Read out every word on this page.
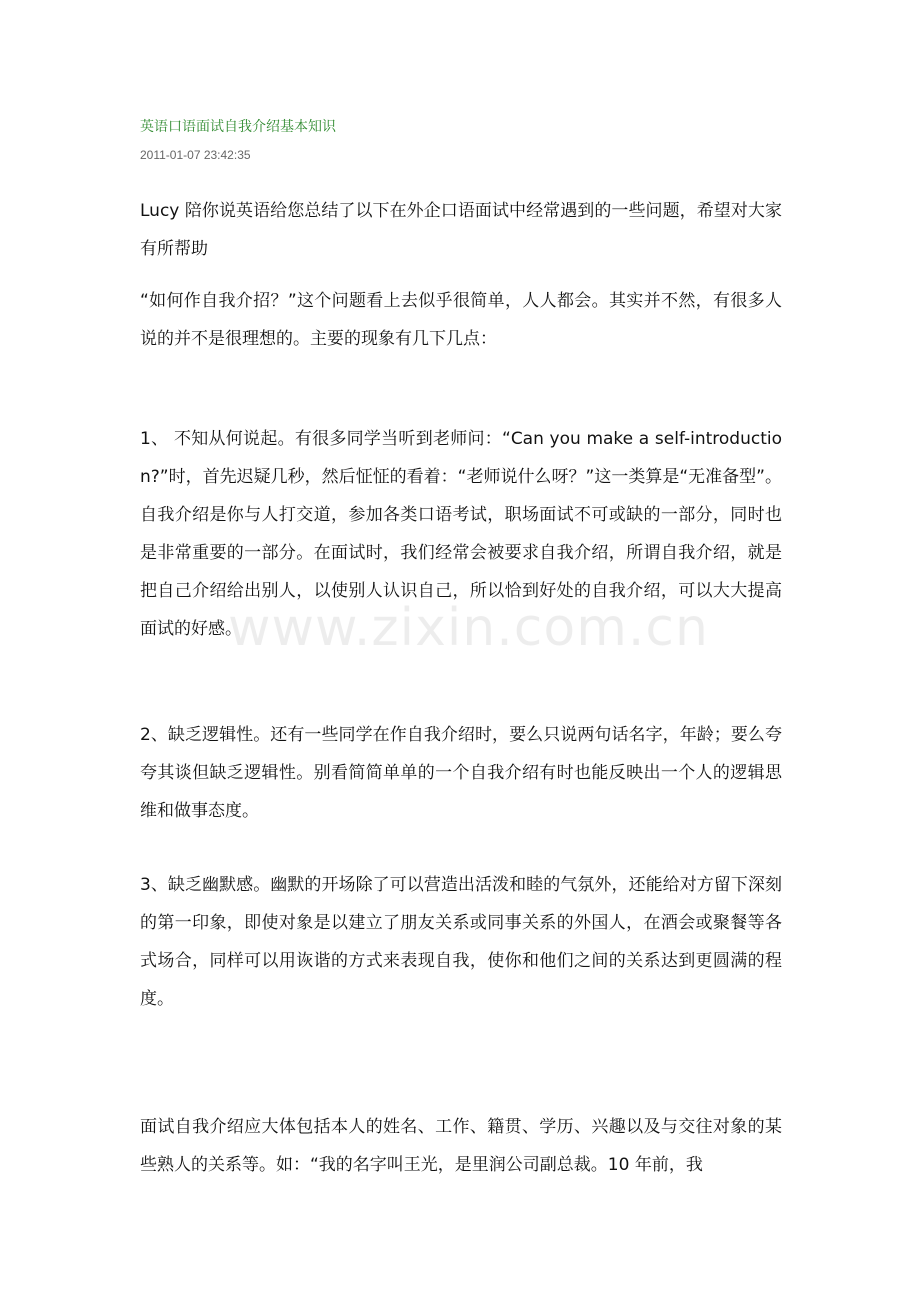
英语口语面试自我介绍基本知识
2011-01-07 23:42:35
Lucy 陪你说英语给您总结了以下在外企口语面试中经常遇到的一些问题，希望对大家有所帮助
“如何作自我介招？”这个问题看上去似乎很简单，人人都会。其实并不然，有很多人说的并不是很理想的。主要的现象有几下几点：
1、 不知从何说起。有很多同学当听到老师问：“Can you make a self-introduction?”时，首先迟疑几秒，然后怔怔的看着：“老师说什么呀？”这一类算是“无准备型”。自我介绍是你与人打交道，参加各类口语考试，职场面试不可或缺的一部分，同时也是非常重要的一部分。在面试时，我们经常会被要求自我介绍，所谓自我介绍，就是把自己介绍给出别人，以使别人认识自己，所以恰到好处的自我介绍，可以大大提高面试的好感。
2、缺乏逻辑性。还有一些同学在作自我介绍时，要么只说两句话名字，年龄；要么夸夸其谈但缺乏逻辑性。别看简简单单的一个自我介绍有时也能反映出一个人的逻辑思维和做事态度。
3、缺乏幽默感。幽默的开场除了可以营造出活泼和睦的气氛外，还能给对方留下深刻的第一印象，即使对象是以建立了朋友关系或同事关系的外国人，在酒会或聚餐等各式场合，同样可以用诙谐的方式来表现自我，使你和他们之间的关系达到更圆满的程度。
面试自我介绍应大体包括本人的姓名、工作、籍贯、学历、兴趣以及与交往对象的某些熟人的关系等。如：“我的名字叫王光，是里润公司副总裁。10 年前，我
www.zixin.com.cn
